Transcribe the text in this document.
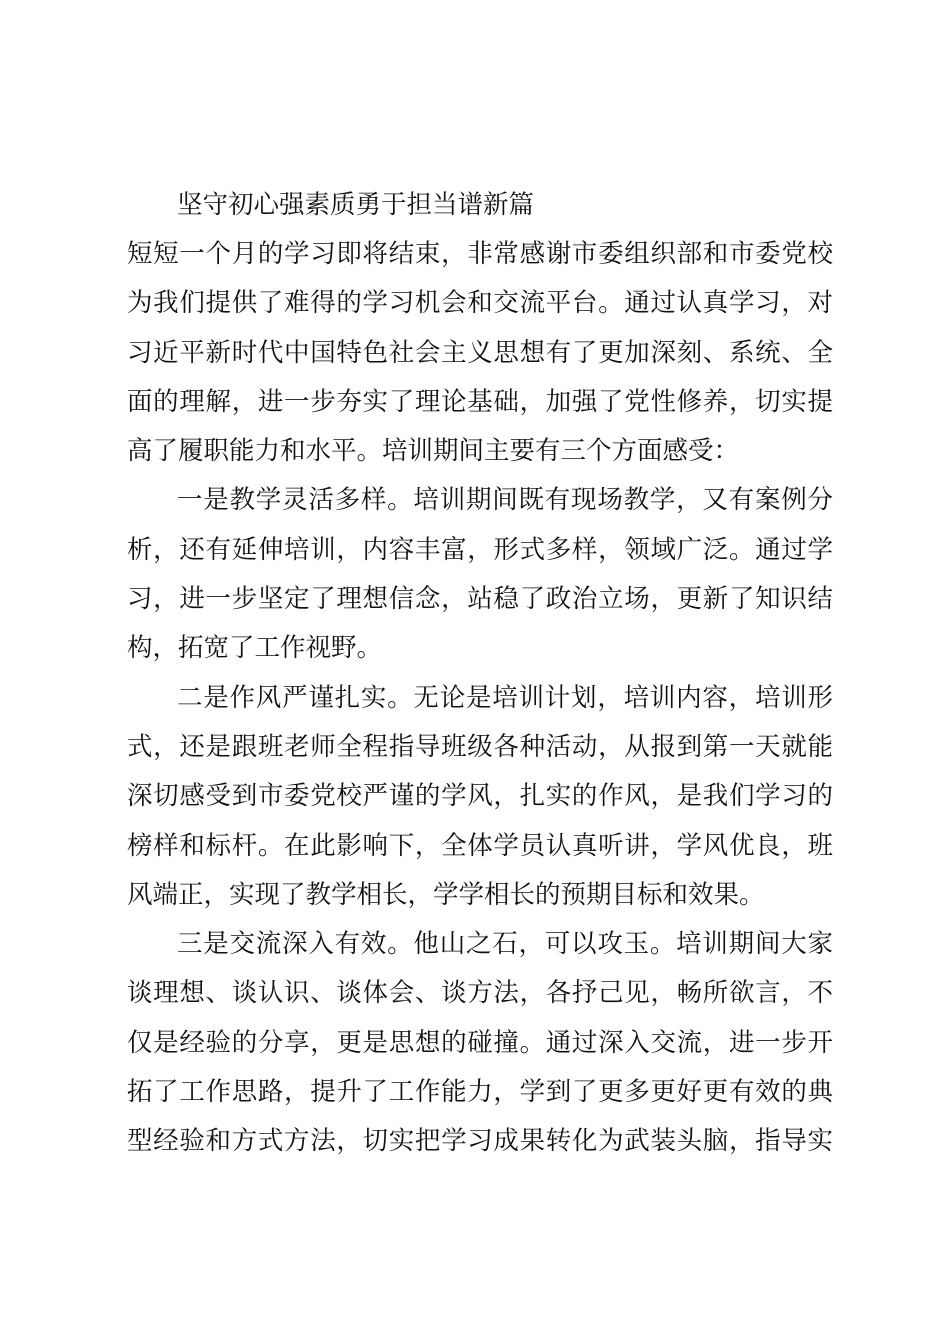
坚守初心强素质勇于担当谱新篇
短短一个月的学习即将结束，非常感谢市委组织部和市委党校
为我们提供了难得的学习机会和交流平台。通过认真学习，对
习近平新时代中国特色社会主义思想有了更加深刻、系统、全
面的理解，进一步夯实了理论基础，加强了党性修养，切实提
高了履职能力和水平。培训期间主要有三个方面感受：
一是教学灵活多样。培训期间既有现场教学，又有案例分
析，还有延伸培训，内容丰富，形式多样，领域广泛。通过学
习，进一步坚定了理想信念，站稳了政治立场，更新了知识结
构，拓宽了工作视野。
二是作风严谨扎实。无论是培训计划，培训内容，培训形
式，还是跟班老师全程指导班级各种活动，从报到第一天就能
深切感受到市委党校严谨的学风，扎实的作风，是我们学习的
榜样和标杆。在此影响下，全体学员认真听讲，学风优良，班
风端正，实现了教学相长，学学相长的预期目标和效果。
三是交流深入有效。他山之石，可以攻玉。培训期间大家
谈理想、谈认识、谈体会、谈方法，各抒己见，畅所欲言，不
仅是经验的分享，更是思想的碰撞。通过深入交流，进一步开
拓了工作思路，提升了工作能力，学到了更多更好更有效的典
型经验和方式方法，切实把学习成果转化为武装头脑，指导实
